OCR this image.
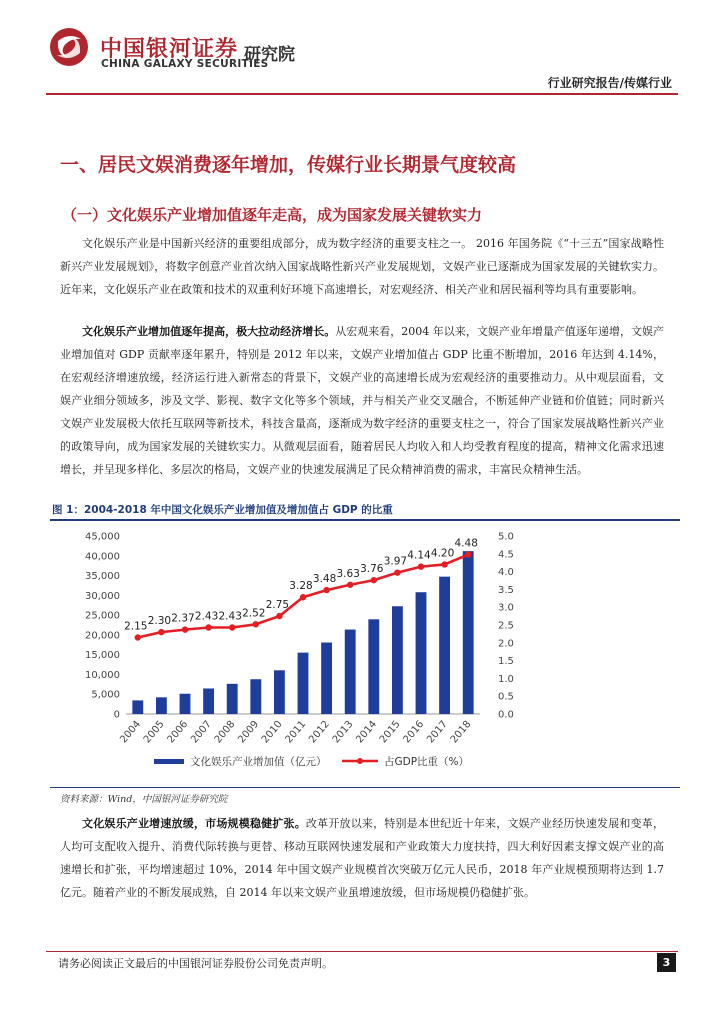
中国银河证券
CHINA GALAXY SECURITIES
研究院
行业研究报告/传媒行业
一、居民文娱消费逐年增加，传媒行业长期景气度较高
（一）文化娱乐产业增加值逐年走高，成为国家发展关键软实力

文化娱乐产业是中国新兴经济的重要组成部分，成为数字经济的重要支柱之一。 2016 年国务院《“十三五”国家战略性新兴产业发展规划》，将数字创意产业首次纳入国家战略性新兴产业发展规划，文娱产业已逐渐成为国家发展的关键软实力。近年来，文化娱乐产业在政策和技术的双重利好环境下高速增长，对宏观经济、相关产业和居民福利等均具有重要影响。

文化娱乐产业增加值逐年提高，极大拉动经济增长。从宏观来看，2004 年以来，文娱产业年增量产值逐年递增，文娱产业增加值对 GDP 贡献率逐年累升，特别是 2012 年以来，文娱产业增加值占 GDP 比重不断增加，2016 年达到 4.14%，在宏观经济增速放缓，经济运行进入新常态的背景下，文娱产业的高速增长成为宏观经济的重要推动力。从中观层面看，文娱产业细分领域多，涉及文学、影视、数字文化等多个领域，并与相关产业交叉融合，不断延伸产业链和价值链；同时新兴文娱产业发展极大依托互联网等新技术，科技含量高，逐渐成为数字经济的重要支柱之一，符合了国家发展战略性新兴产业的政策导向，成为国家发展的关键软实力。从微观层面看，随着居民人均收入和人均受教育程度的提高，精神文化需求迅速增长，并呈现多样化、多层次的格局，文娱产业的快速发展满足了民众精神消费的需求，丰富民众精神生活。

图 1：2004-2018 年中国文化娱乐产业增加值及增加值占 GDP 的比重
0
5,000
10,000
15,000
20,000
25,000
30,000
35,000
40,000
45,000
0.0
0.5
1.0
1.5
2.0
2.5
3.0
3.5
4.0
4.5
5.0
2004
2005
2006
2007
2008
2009
2010
2011
2012
2013
2014
2015
2016
2017
2018
2.15 2.30 2.37 2.43 2.43 2.52
2.75
3.28
3.48 3.63 3.76
3.97
4.14 4.20
4.48
文化娱乐产业增加值（亿元）	占GDP比重（%）
资料来源：Wind，中国银河证券研究院

文化娱乐产业增速放缓，市场规模稳健扩张。改革开放以来，特别是本世纪近十年来，文娱产业经历快速发展和变革，人均可支配收入提升、消费代际转换与更替、移动互联网快速发展和产业政策大力度扶持，四大利好因素支撑文娱产业的高速增长和扩张，平均增速超过 10%，2014 年中国文娱产业规模首次突破万亿元人民币，2018 年产业规模预期将达到 1.7 亿元。随着产业的不断发展成熟，自 2014 年以来文娱产业虽增速放缓，但市场规模仍稳健扩张。

请务必阅读正文最后的中国银河证券股份公司免责声明。	3
